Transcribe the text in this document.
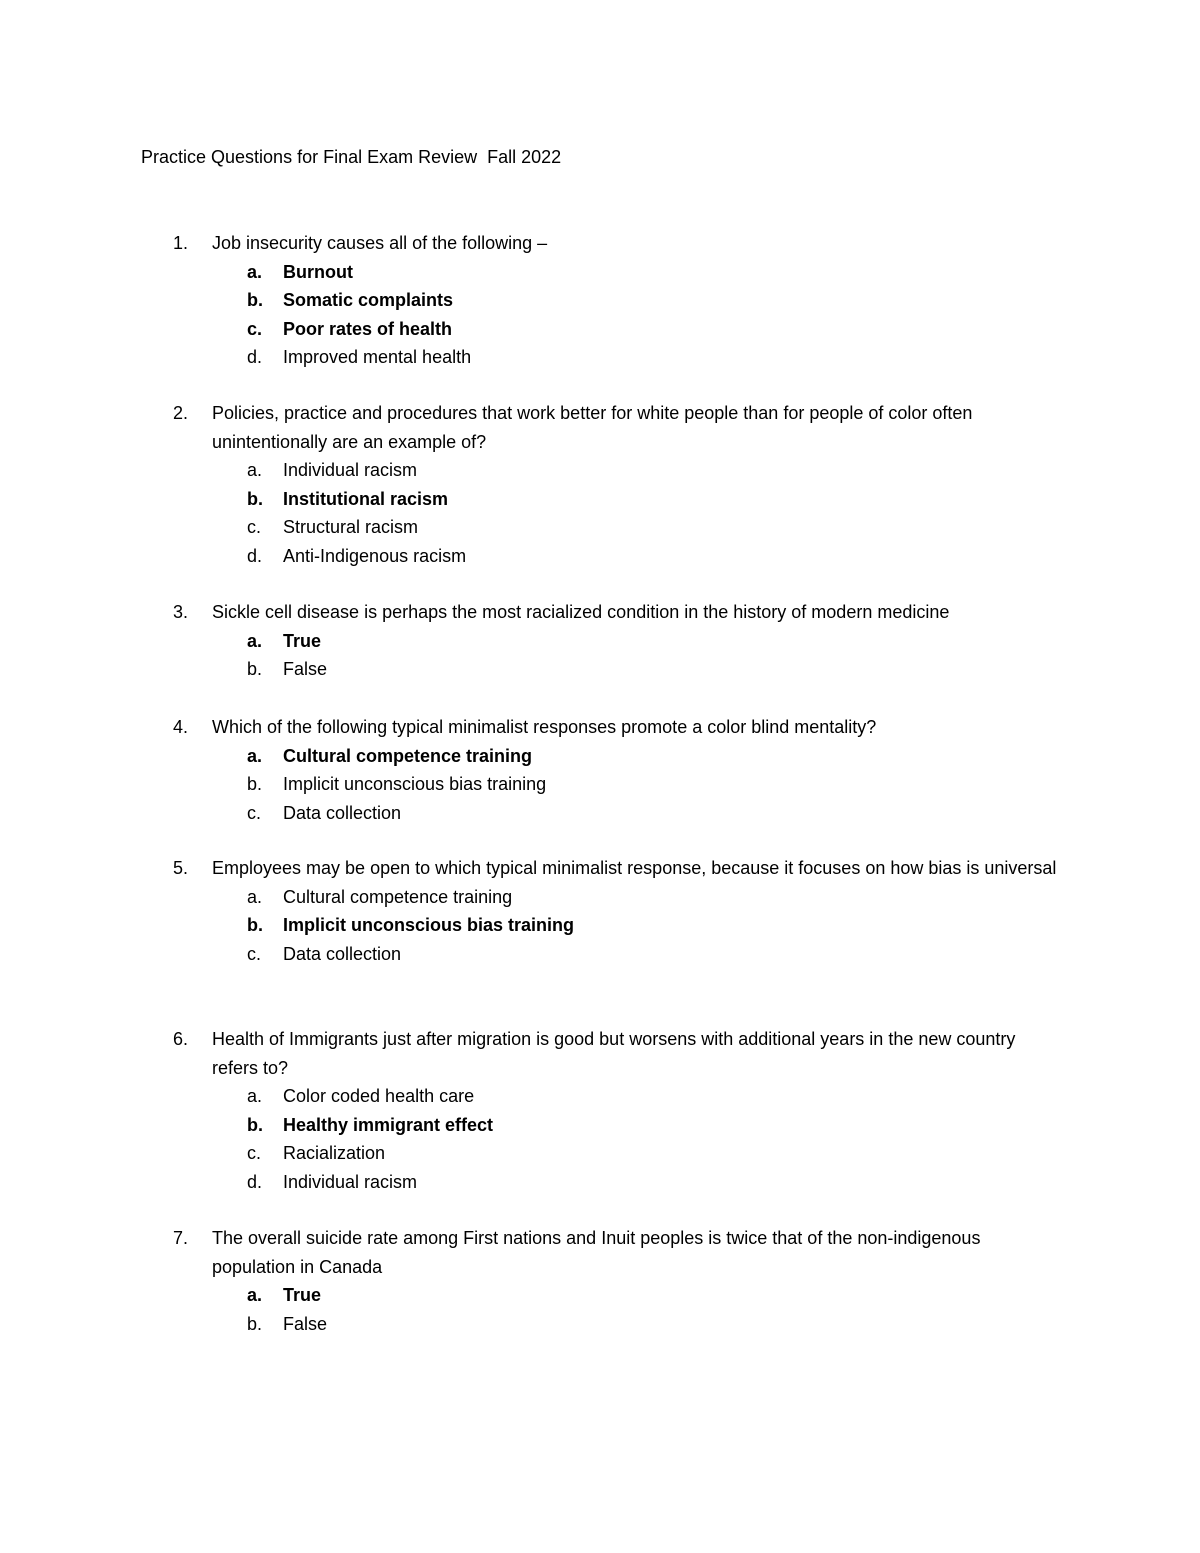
Practice Questions for Final Exam Review  Fall 2022
1. Job insecurity causes all of the following –
a. Burnout
b. Somatic complaints
c. Poor rates of health
d. Improved mental health
2. Policies, practice and procedures that work better for white people than for people of color often unintentionally are an example of?
a. Individual racism
b. Institutional racism
c. Structural racism
d. Anti-Indigenous racism
3. Sickle cell disease is perhaps the most racialized condition in the history of modern medicine
a. True
b. False
4. Which of the following typical minimalist responses promote a color blind mentality?
a. Cultural competence training
b. Implicit unconscious bias training
c. Data collection
5. Employees may be open to which typical minimalist response, because it focuses on how bias is universal
a. Cultural competence training
b. Implicit unconscious bias training
c. Data collection
6. Health of Immigrants just after migration is good but worsens with additional years in the new country refers to?
a. Color coded health care
b. Healthy immigrant effect
c. Racialization
d. Individual racism
7. The overall suicide rate among First nations and Inuit peoples is twice that of the non-indigenous population in Canada
a. True
b. False
